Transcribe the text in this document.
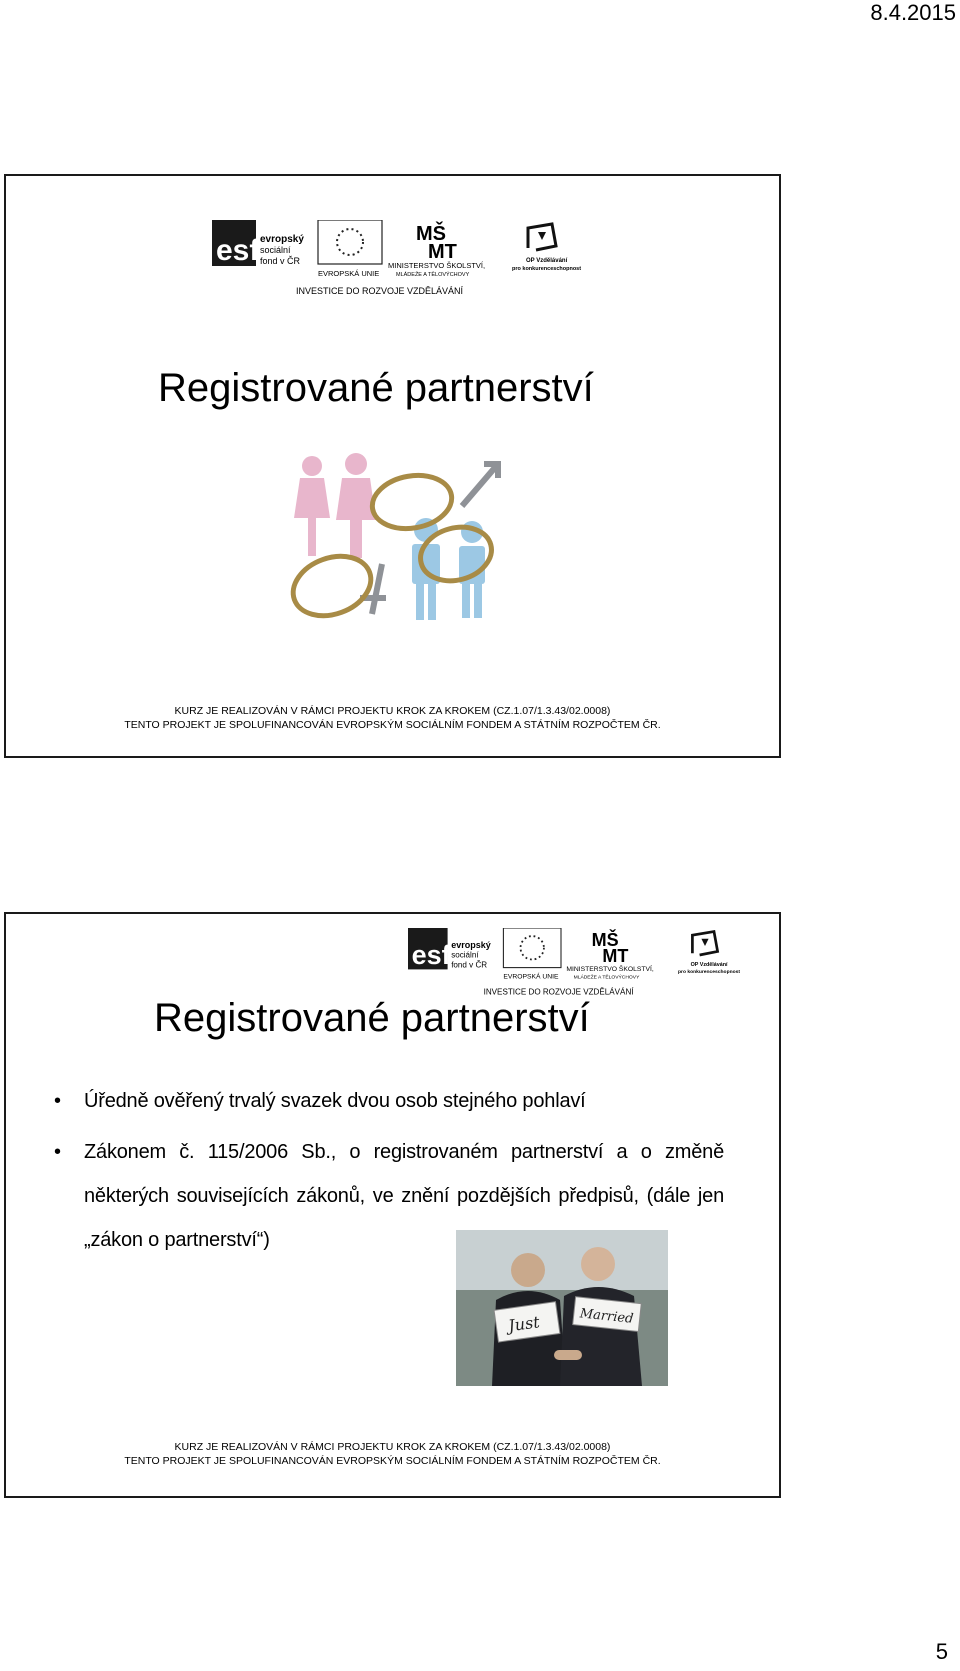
8.4.2015
esf evropský
sociální
fond v ČR
EVROPSKÁ UNIE
MŠ
MT
MINISTERSTVO ŠKOLSTVÍ,
MLÁDEŽE A TĚLOVÝCHOVY
OP Vzdělávání
pro konkurenceschopnost
INVESTICE DO ROZVOJE VZDĚLÁVÁNÍ
Registrované partnerství
KURZ JE REALIZOVÁN V RÁMCI PROJEKTU KROK ZA KROKEM (CZ.1.07/1.3.43/02.0008)
TENTO PROJEKT JE SPOLUFINANCOVÁN EVROPSKÝM SOCIÁLNÍM FONDEM A STÁTNÍM ROZPOČTEM ČR.
esf evropský
sociální
fond v ČR
EVROPSKÁ UNIE
MŠ
MT
MINISTERSTVO ŠKOLSTVÍ,
MLÁDEŽE A TĚLOVÝCHOVY
OP Vzdělávání
pro konkurenceschopnost
INVESTICE DO ROZVOJE VZDĚLÁVÁNÍ
Registrované partnerství
• Úředně ověřený trvalý svazek dvou osob stejného pohlaví
• Zákonem č. 115/2006 Sb., o registrovaném partnerství a o změně některých souvisejících zákonů, ve znění pozdějších předpisů, (dále jen „zákon o partnerství“)
Just	Married
KURZ JE REALIZOVÁN V RÁMCI PROJEKTU KROK ZA KROKEM (CZ.1.07/1.3.43/02.0008)
TENTO PROJEKT JE SPOLUFINANCOVÁN EVROPSKÝM SOCIÁLNÍM FONDEM A STÁTNÍM ROZPOČTEM ČR.
5
